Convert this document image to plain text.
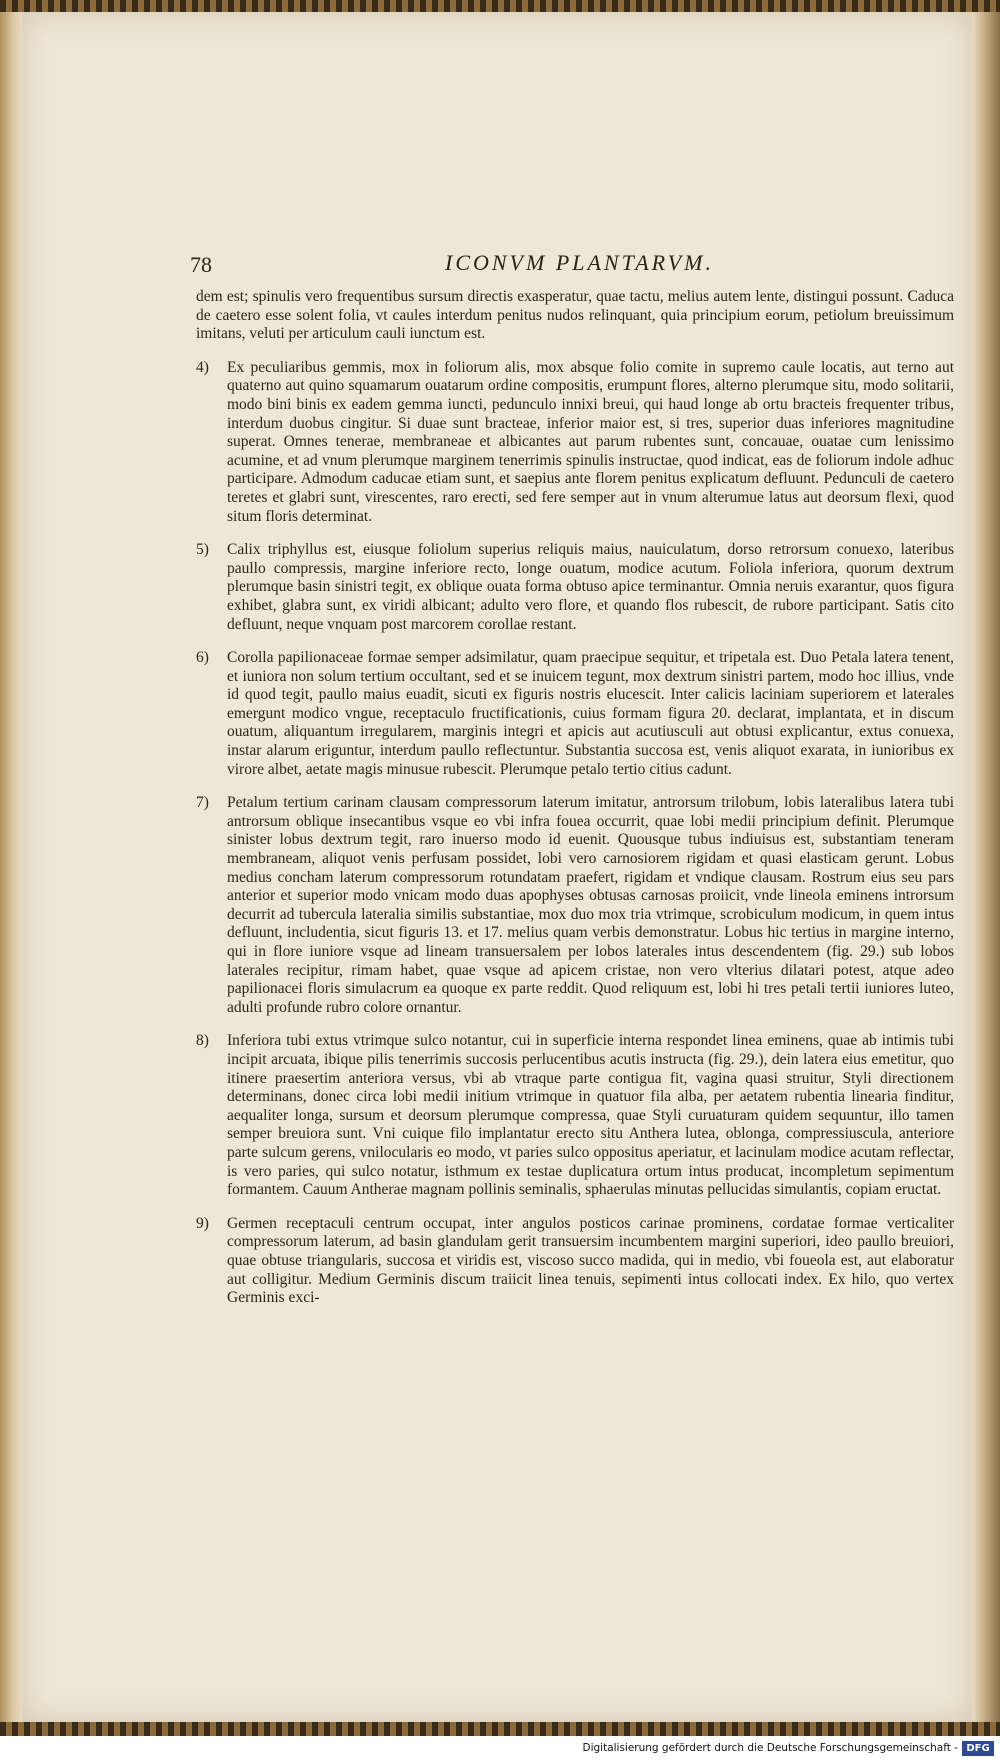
78	ICONVM PLANTARVM.

dem est; spinulis vero frequentibus sursum directis exasperatur, quae tactu, melius autem lente, distingui possunt. Caduca de caetero esse solent folia, vt caules interdum penitus nudos relinquant, quia principium eorum, petiolum breuissimum imitans, veluti per articulum cauli iunctum est.

4) Ex peculiaribus gemmis, mox in foliorum alis, mox absque folio comite in supremo caule locatis, aut terno aut quaterno aut quino squamarum ouatarum ordine compositis, erumpunt flores, alterno plerumque situ, modo solitarii, modo bini binis ex eadem gemma iuncti, pedunculo innixi breui, qui haud longe ab ortu bracteis frequenter tribus, interdum duobus cingitur. Si duae sunt bracteae, inferior maior est, si tres, superior duas inferiores magnitudine superat. Omnes tenerae, membraneae et albicantes aut parum rubentes sunt, concauae, ouatae cum lenissimo acumine, et ad vnum plerumque marginem tenerrimis spinulis instructae, quod indicat, eas de foliorum indole adhuc participare. Admodum caducae etiam sunt, et saepius ante florem penitus explicatum defluunt. Pedunculi de caetero teretes et glabri sunt, virescentes, raro erecti, sed fere semper aut in vnum alterumue latus aut deorsum flexi, quod situm floris determinat.
5) Calix triphyllus est, eiusque foliolum superius reliquis maius, nauiculatum, dorso retrorsum conuexo, lateribus paullo compressis, margine inferiore recto, longe ouatum, modice acutum. Foliola inferiora, quorum dextrum plerumque basin sinistri tegit, ex oblique ouata forma obtuso apice terminantur. Omnia neruis exarantur, quos figura exhibet, glabra sunt, ex viridi albicant; adulto vero flore, et quando flos rubescit, de rubore participant. Satis cito defluunt, neque vnquam post marcorem corollae restant.
6) Corolla papilionaceae formae semper adsimilatur, quam praecipue sequitur, et tripetala est. Duo Petala latera tenent, et iuniora non solum tertium occultant, sed et se inuicem tegunt, mox dextrum sinistri partem, modo hoc illius, vnde id quod tegit, paullo maius euadit, sicuti ex figuris nostris elucescit. Inter calicis laciniam superiorem et laterales emergunt modico vngue, receptaculo fructificationis, cuius formam figura 20. declarat, implantata, et in discum ouatum, aliquantum irregularem, marginis integri et apicis aut acutiusculi aut obtusi explicantur, extus conuexa, instar alarum eriguntur, interdum paullo reflectuntur. Substantia succosa est, venis aliquot exarata, in iunioribus ex virore albet, aetate magis minusue rubescit. Plerumque petalo tertio citius cadunt.
7) Petalum tertium carinam clausam compressorum laterum imitatur, antrorsum trilobum, lobis lateralibus latera tubi antrorsum oblique insecantibus vsque eo vbi infra fouea occurrit, quae lobi medii principium definit. Plerumque sinister lobus dextrum tegit, raro inuerso modo id euenit. Quousque tubus indiuisus est, substantiam teneram membraneam, aliquot venis perfusam possidet, lobi vero carnosiorem rigidam et quasi elasticam gerunt. Lobus medius concham laterum compressorum rotundatam praefert, rigidam et vndique clausam. Rostrum eius seu pars anterior et superior modo vnicam modo duas apophyses obtusas carnosas proiicit, vnde lineola eminens introrsum decurrit ad tubercula lateralia similis substantiae, mox duo mox tria vtrimque, scrobiculum modicum, in quem intus defluunt, includentia, sicut figuris 13. et 17. melius quam verbis demonstratur. Lobus hic tertius in margine interno, qui in flore iuniore vsque ad lineam transuersalem per lobos laterales intus descendentem (fig. 29.) sub lobos laterales recipitur, rimam habet, quae vsque ad apicem cristae, non vero vlterius dilatari potest, atque adeo papilionacei floris simulacrum ea quoque ex parte reddit. Quod reliquum est, lobi hi tres petali tertii iuniores luteo, adulti profunde rubro colore ornantur.
8) Inferiora tubi extus vtrimque sulco notantur, cui in superficie interna respondet linea eminens, quae ab intimis tubi incipit arcuata, ibique pilis tenerrimis succosis perlucentibus acutis instructa (fig. 29.), dein latera eius emetitur, quo itinere praesertim anteriora versus, vbi ab vtraque parte contigua fit, vagina quasi struitur, Styli directionem determinans, donec circa lobi medii initium vtrimque in quatuor fila alba, per aetatem rubentia linearia finditur, aequaliter longa, sursum et deorsum plerumque compressa, quae Styli curuaturam quidem sequuntur, illo tamen semper breuiora sunt. Vni cuique filo implantatur erecto situ Anthera lutea, oblonga, compressiuscula, anteriore parte sulcum gerens, vnilocularis eo modo, vt paries sulco oppositus aperiatur, et lacinulam modice acutam reflectar, is vero paries, qui sulco notatur, isthmum ex testae duplicatura ortum intus producat, incompletum sepimentum formantem. Cauum Antherae magnam pollinis seminalis, sphaerulas minutas pellucidas simulantis, copiam eructat.
9) Germen receptaculi centrum occupat, inter angulos posticos carinae prominens, cordatae formae verticaliter compressorum laterum, ad basin glandulam gerit transuersim incumbentem margini superiori, ideo paullo breuiori, quae obtuse triangularis, succosa et viridis est, viscoso succo madida, qui in medio, vbi foueola est, aut elaboratur aut colligitur. Medium Germinis discum traiicit linea tenuis, sepimenti intus collocati index. Ex hilo, quo vertex Germinis exci-
Digitalisierung gefördert durch die Deutsche Forschungsgemeinschaft - DFG
